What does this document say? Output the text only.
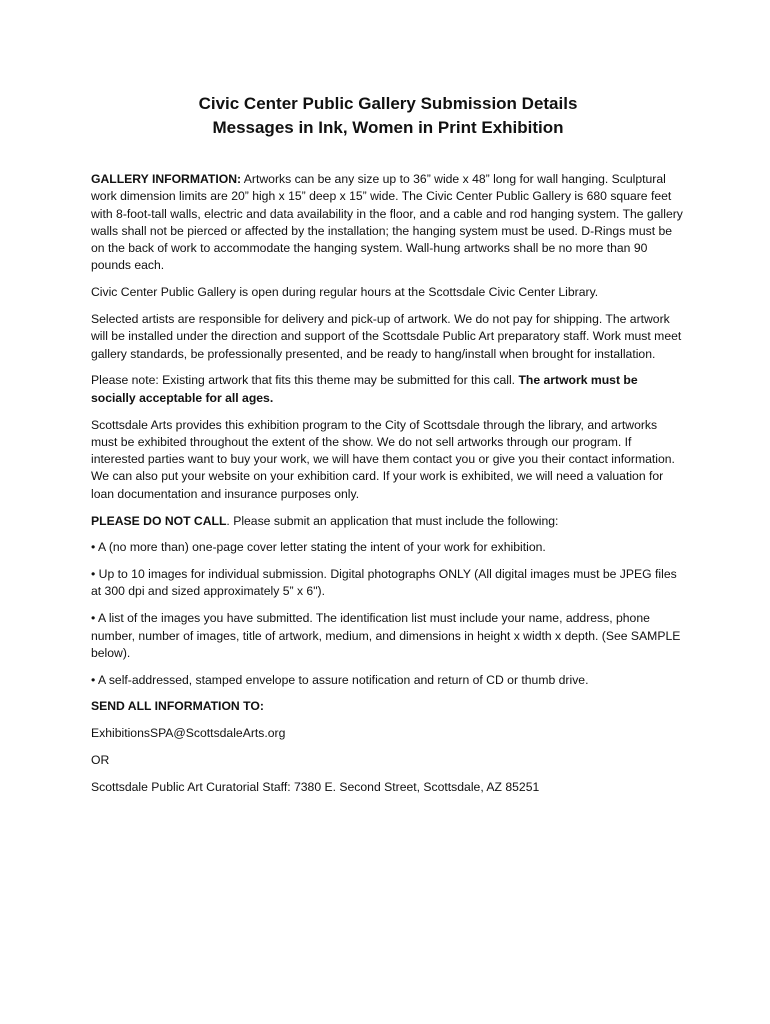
Civic Center Public Gallery Submission Details

Messages in Ink, Women in Print Exhibition

GALLERY INFORMATION: Artworks can be any size up to 36” wide x 48” long for wall hanging. Sculptural work dimension limits are 20” high x 15” deep x 15” wide. The Civic Center Public Gallery is 680 square feet with 8-foot-tall walls, electric and data availability in the floor, and a cable and rod hanging system. The gallery walls shall not be pierced or affected by the installation; the hanging system must be used. D-Rings must be on the back of work to accommodate the hanging system. Wall-hung artworks shall be no more than 90 pounds each.

Civic Center Public Gallery is open during regular hours at the Scottsdale Civic Center Library.

Selected artists are responsible for delivery and pick-up of artwork. We do not pay for shipping. The artwork will be installed under the direction and support of the Scottsdale Public Art preparatory staff. Work must meet gallery standards, be professionally presented, and be ready to hang/install when brought for installation.

Please note: Existing artwork that fits this theme may be submitted for this call. The artwork must be socially acceptable for all ages.

Scottsdale Arts provides this exhibition program to the City of Scottsdale through the library, and artworks must be exhibited throughout the extent of the show. We do not sell artworks through our program. If interested parties want to buy your work, we will have them contact you or give you their contact information. We can also put your website on your exhibition card. If your work is exhibited, we will need a valuation for loan documentation and insurance purposes only.

PLEASE DO NOT CALL. Please submit an application that must include the following:

• A (no more than) one-page cover letter stating the intent of your work for exhibition.

• Up to 10 images for individual submission. Digital photographs ONLY (All digital images must be JPEG files at 300 dpi and sized approximately 5” x 6").

• A list of the images you have submitted. The identification list must include your name, address, phone number, number of images, title of artwork, medium, and dimensions in height x width x depth. (See SAMPLE below).

• A self-addressed, stamped envelope to assure notification and return of CD or thumb drive.

SEND ALL INFORMATION TO:

ExhibitionsSPA@ScottsdaleArts.org

OR

Scottsdale Public Art Curatorial Staff: 7380 E. Second Street, Scottsdale, AZ 85251
